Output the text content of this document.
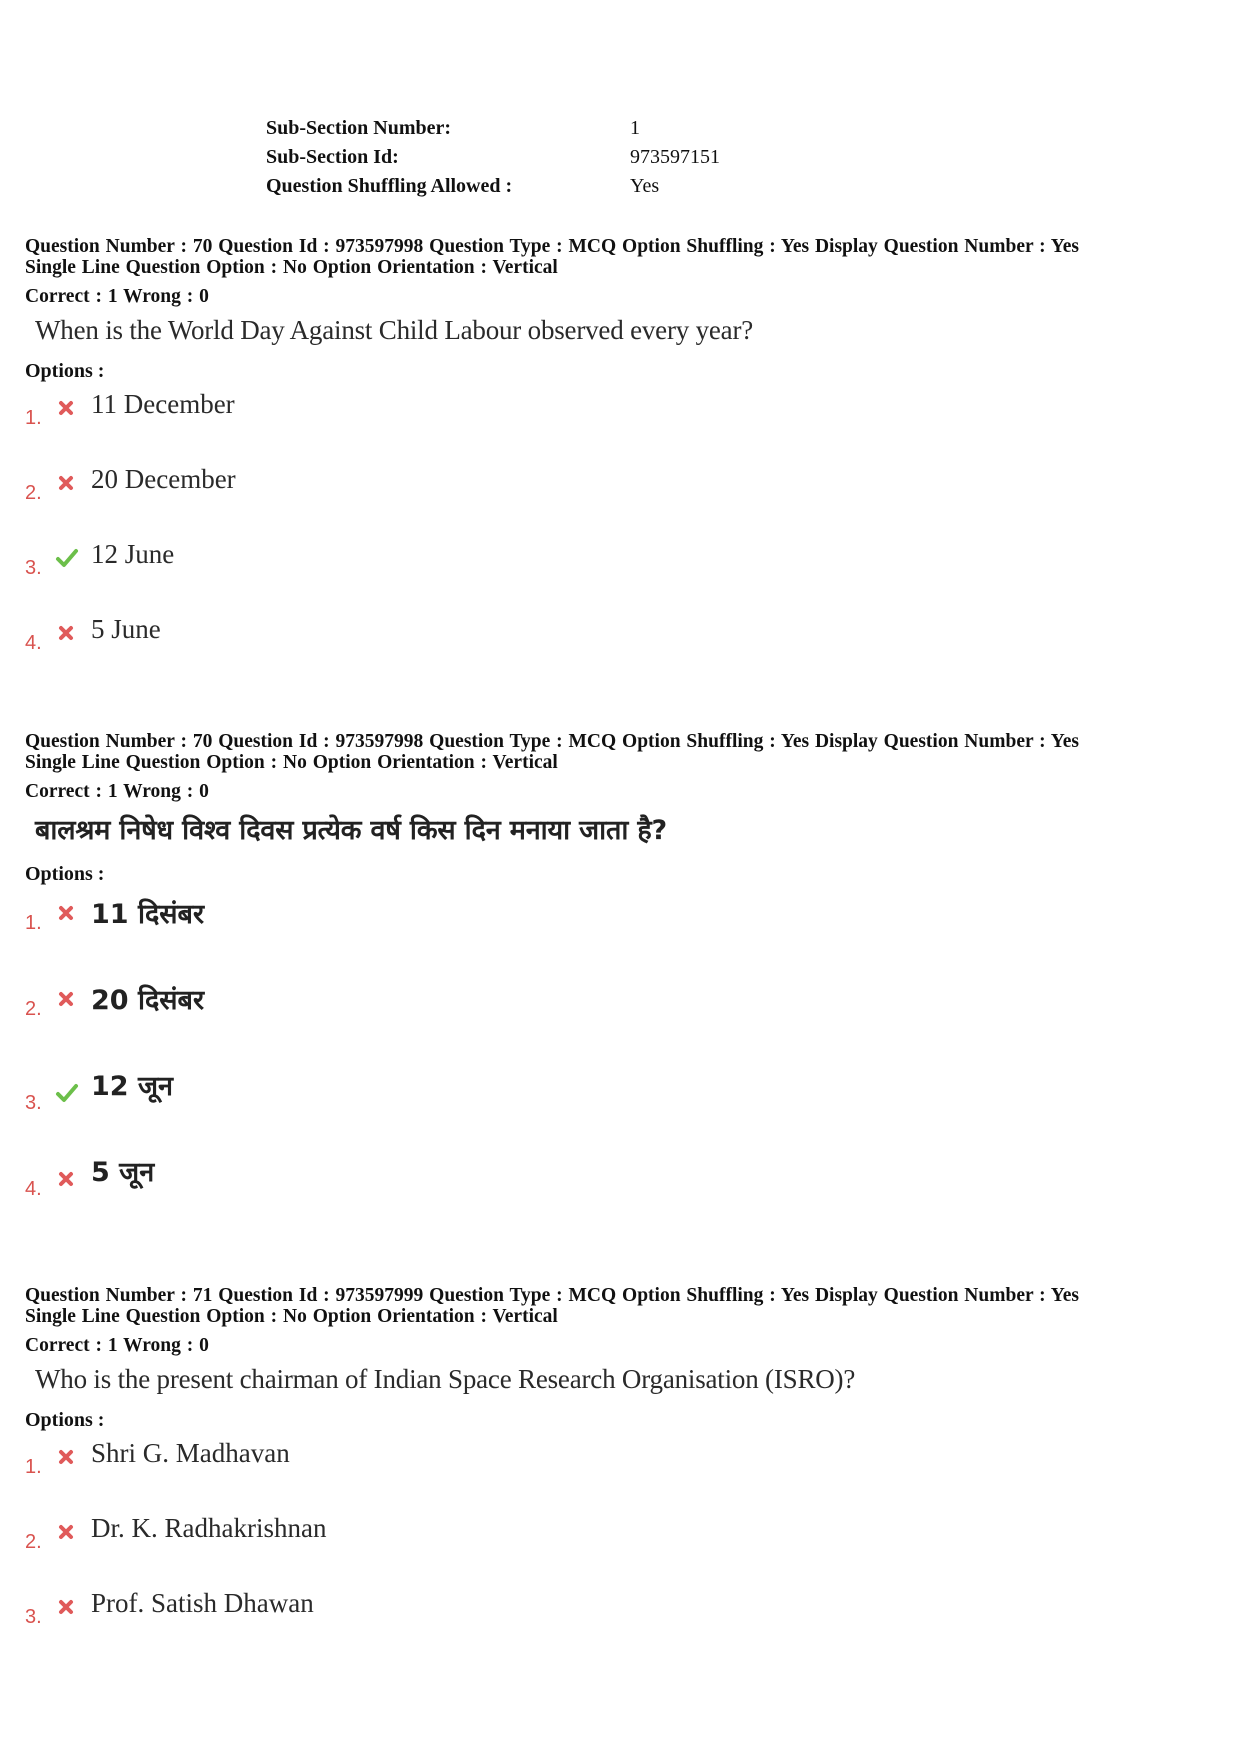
Sub-Section Number:	1
Sub-Section Id:	973597151
Question Shuffling Allowed :	Yes
Question Number : 70 Question Id : 973597998 Question Type : MCQ Option Shuffling : Yes Display Question Number : Yes
Single Line Question Option : No Option Orientation : Vertical
Correct : 1 Wrong : 0
When is the World Day Against Child Labour observed every year?
Options :
1. 11 December
2. 20 December
3. 12 June
4. 5 June
Question Number : 70 Question Id : 973597998 Question Type : MCQ Option Shuffling : Yes Display Question Number : Yes
Single Line Question Option : No Option Orientation : Vertical
Correct : 1 Wrong : 0
बालश्रम निषेध विश्व दिवस प्रत्येक वर्ष किस दिन मनाया जाता है?
Options :
1. 11 दिसंबर
2. 20 दिसंबर
3.
12 जून
4.
5 जून
Question Number : 71 Question Id : 973597999 Question Type : MCQ Option Shuffling : Yes Display Question Number : Yes
Single Line Question Option : No Option Orientation : Vertical
Correct : 1 Wrong : 0
Who is the present chairman of Indian Space Research Organisation (ISRO)?
Options :
1. Shri G. Madhavan
2. Dr. K. Radhakrishnan
3. Prof. Satish Dhawan
